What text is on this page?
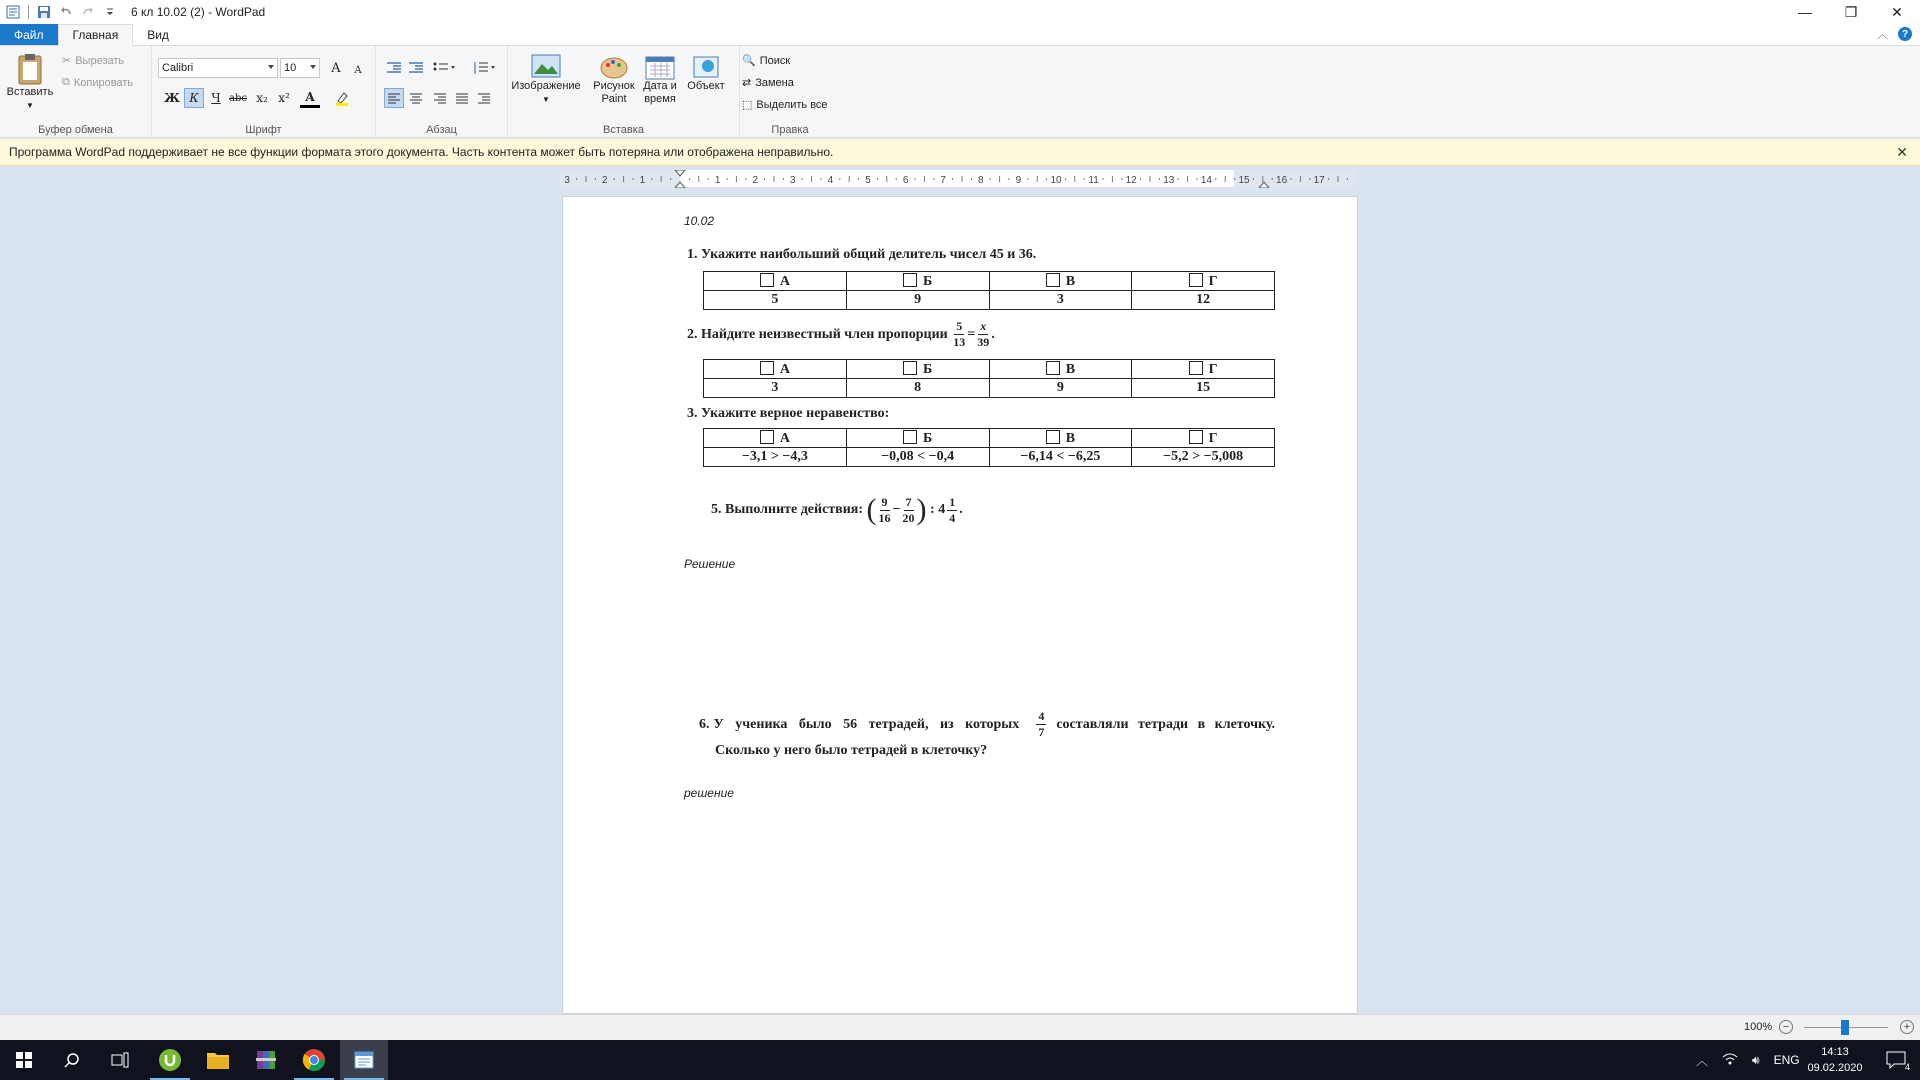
6 кл 10.02 (2) - WordPad	—	❐	✕
Файл	Главная	Вид	︿	?
Вставить
▼
✂ Вырезать
⧉ Копировать
Буфер обмена
Calibri	10	A	A
Ж К	Ч abc x₂ x²	A
Шрифт	Абзац
Изображение
▼
Рисунок
Paint
Дата и
время
Объект
Вставка
🔍 Поиск
⇄ Замена
⬚ Выделить все
Правка
Программа WordPad поддерживает не все функции формата этого документа. Часть контента может быть потеряна или отображена неправильно.	✕
3	2	1	1	2	3	4	5	6	7	8	9	10	11	12	13	14	15	16	17
10.02
1. Укажите наибольший общий делитель чисел 45 и 36.
А	Б	В	Г
5	9	3	12
2.
Найдите неизвестный член пропорции
$\frac{5}{13} = \frac{x}{39}$ .
А	Б	В	Г
3	8	9	15
3. Укажите верное неравенство:
А	Б	В	Г
−3,1 > −4,3	−0,08 < −0,4	−6,14 < −6,25	−5,2 > −5,008
5.
Выполните действия:
( $\frac{9}{16} - \frac{7}{20}$ )
:
$4 \frac{1}{4}$ .
Решение
6. У ученика было 56 тетрадей, из которых	$\frac{4}{7}$ составляли тетради в клеточку.
Сколько у него было тетрадей в клеточку?
решение
100% −	+
︿	🔊︎ ENG
14:13
09.02.2020	4
